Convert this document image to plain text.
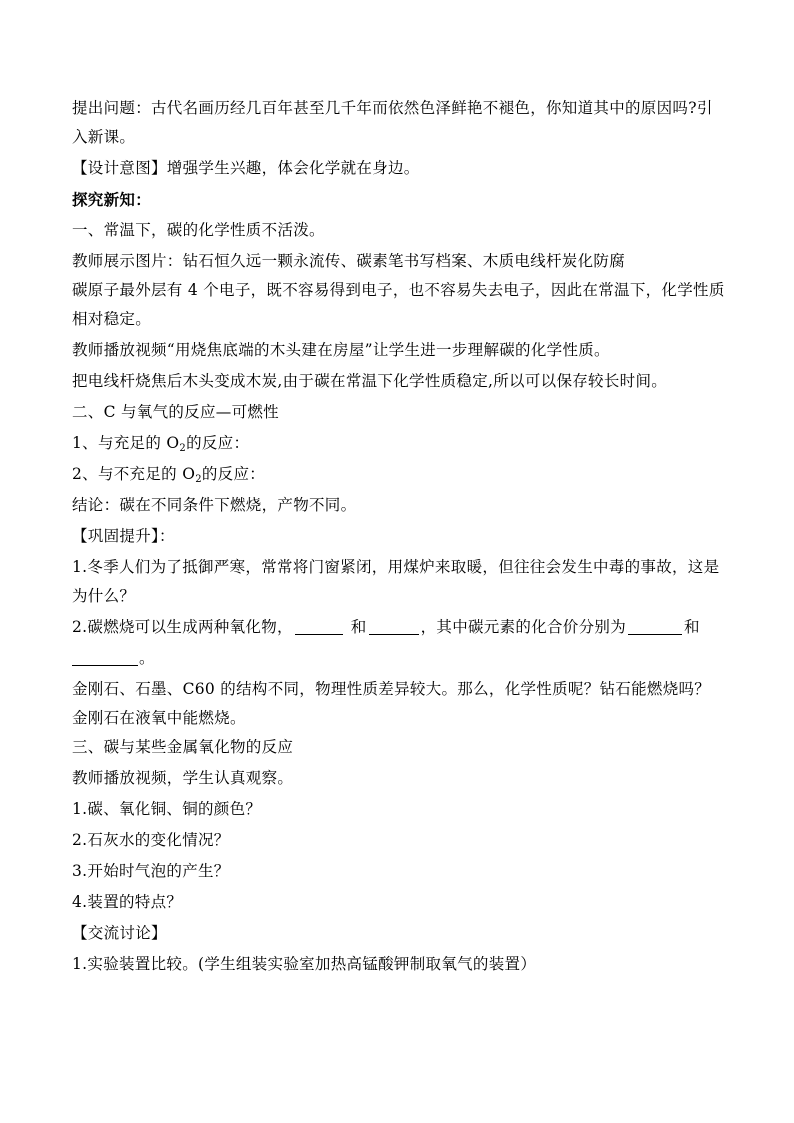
提出问题：古代名画历经几百年甚至几千年而依然色泽鲜艳不褪色，你知道其中的原因吗?引

入新课。

【设计意图】增强学生兴趣，体会化学就在身边。

探究新知：

一、常温下，碳的化学性质不活泼。

教师展示图片：钻石恒久远一颗永流传、碳素笔书写档案、木质电线杆炭化防腐

碳原子最外层有 4 个电子，既不容易得到电子，也不容易失去电子，因此在常温下，化学性质

相对稳定。

教师播放视频“用烧焦底端的木头建在房屋”让学生进一步理解碳的化学性质。

把电线杆烧焦后木头变成木炭,由于碳在常温下化学性质稳定,所以可以保存较长时间。

二、C 与氧气的反应—可燃性

1、与充足的 $O_2$的反应：

2、与不充足的 $O_2$的反应：

结论：碳在不同条件下燃烧，产物不同。

【巩固提升】：

1.冬季人们为了抵御严寒，常常将门窗紧闭，用煤炉来取暖，但往往会发生中毒的事故，这是

为什么？

2.碳燃烧可以生成两种氧化物，	和	，其中碳元素的化合价分别为	和

。

金刚石、石墨、C60 的结构不同，物理性质差异较大。那么，化学性质呢？钻石能燃烧吗？

金刚石在液氧中能燃烧。

三、碳与某些金属氧化物的反应

教师播放视频，学生认真观察。

1.碳、氧化铜、铜的颜色？

2.石灰水的变化情况？

3.开始时气泡的产生？

4.装置的特点？

【交流讨论】

1.实验装置比较。(学生组装实验室加热高锰酸钾制取氧气的装置）
